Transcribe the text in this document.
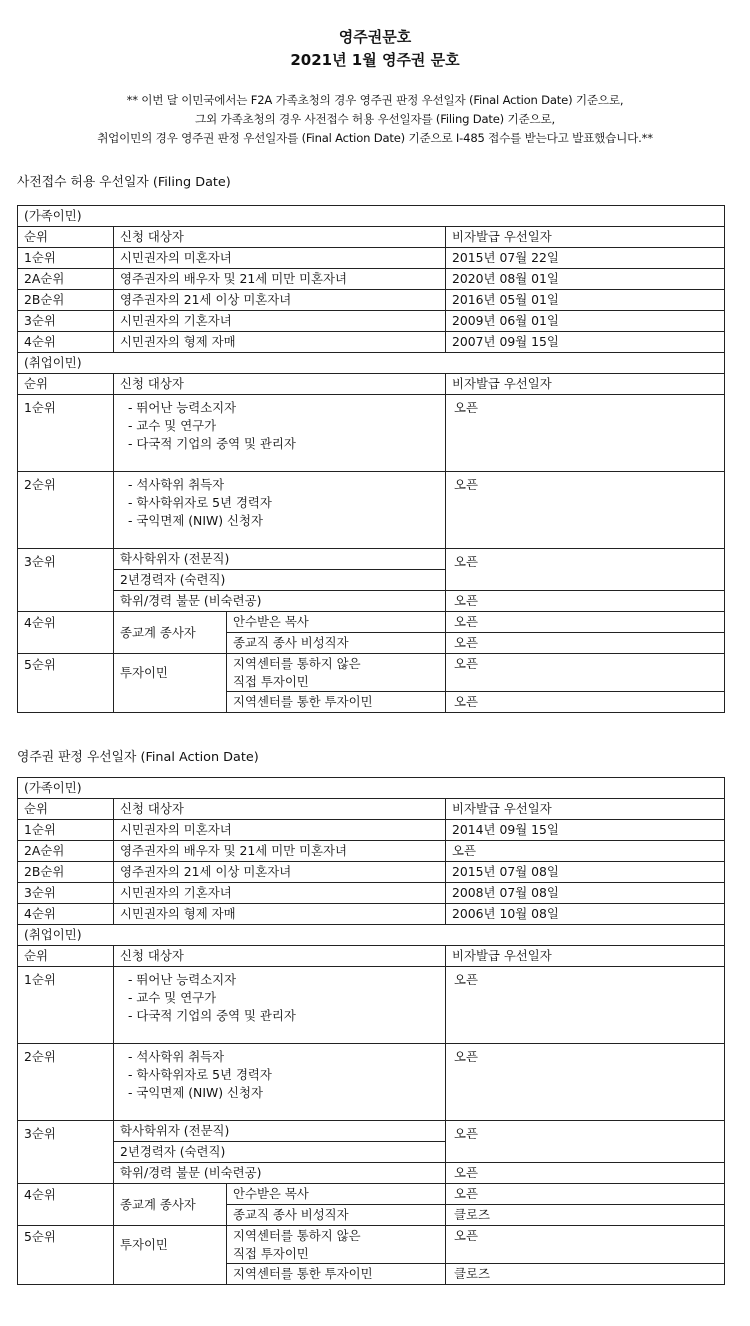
영주권문호
2021년 1월 영주권 문호
** 이번 달 이민국에서는 F2A 가족초청의 경우 영주권 판정 우선일자 (Final Action Date) 기준으로,
그외 가족초청의 경우 사전접수 허용 우선일자를 (Filing Date) 기준으로,
취업이민의 경우 영주권 판정 우선일자를 (Final Action Date) 기준으로 I-485 접수를 받는다고 발표했습니다.**
사전접수 허용 우선일자 (Filing Date)
(가족이민)			
순위	신청 대상자		비자발급 우선일자
1순위	시민권자의 미혼자녀		2015년 07월 22일
2A순위	영주권자의 배우자 및 21세 미만 미혼자녀		2020년 08월 01일
2B순위	영주권자의 21세 이상 미혼자녀		2016년 05월 01일
3순위	시민권자의 기혼자녀		2009년 06월 01일
4순위	시민권자의 형제 자매		2007년 09월 15일
(취업이민)			
순위	신청 대상자		비자발급 우선일자
1순위	- 뛰어난 능력소지자
- 교수 및 연구가
- 다국적 기업의 중역 및 관리자		오픈
2순위	- 석사학위 취득자
- 학사학위자로 5년 경력자
- 국익면제 (NIW) 신청자		오픈
3순위	학사학위자 (전문직)		오픈
	2년경력자 (숙련직)		
	학위/경력 불문 (비숙련공)		오픈
4순위	종교계 종사자	안수받은 목사	오픈
		종교직 종사 비성직자	오픈
5순위	투자이민	지역센터를 통하지 않은
직접 투자이민	오픈
		지역센터를 통한 투자이민	오픈
영주권 판정 우선일자 (Final Action Date)
(가족이민)			
순위	신청 대상자		비자발급 우선일자
1순위	시민권자의 미혼자녀		2014년 09월 15일
2A순위	영주권자의 배우자 및 21세 미만 미혼자녀		오픈
2B순위	영주권자의 21세 이상 미혼자녀		2015년 07월 08일
3순위	시민권자의 기혼자녀		2008년 07월 08일
4순위	시민권자의 형제 자매		2006년 10월 08일
(취업이민)			
순위	신청 대상자		비자발급 우선일자
1순위	- 뛰어난 능력소지자
- 교수 및 연구가
- 다국적 기업의 중역 및 관리자		오픈
2순위	- 석사학위 취득자
- 학사학위자로 5년 경력자
- 국익면제 (NIW) 신청자		오픈
3순위	학사학위자 (전문직)		오픈
	2년경력자 (숙련직)		
	학위/경력 불문 (비숙련공)		오픈
4순위	종교계 종사자	안수받은 목사	오픈
		종교직 종사 비성직자	클로즈
5순위	투자이민	지역센터를 통하지 않은
직접 투자이민	오픈
		지역센터를 통한 투자이민	클로즈
